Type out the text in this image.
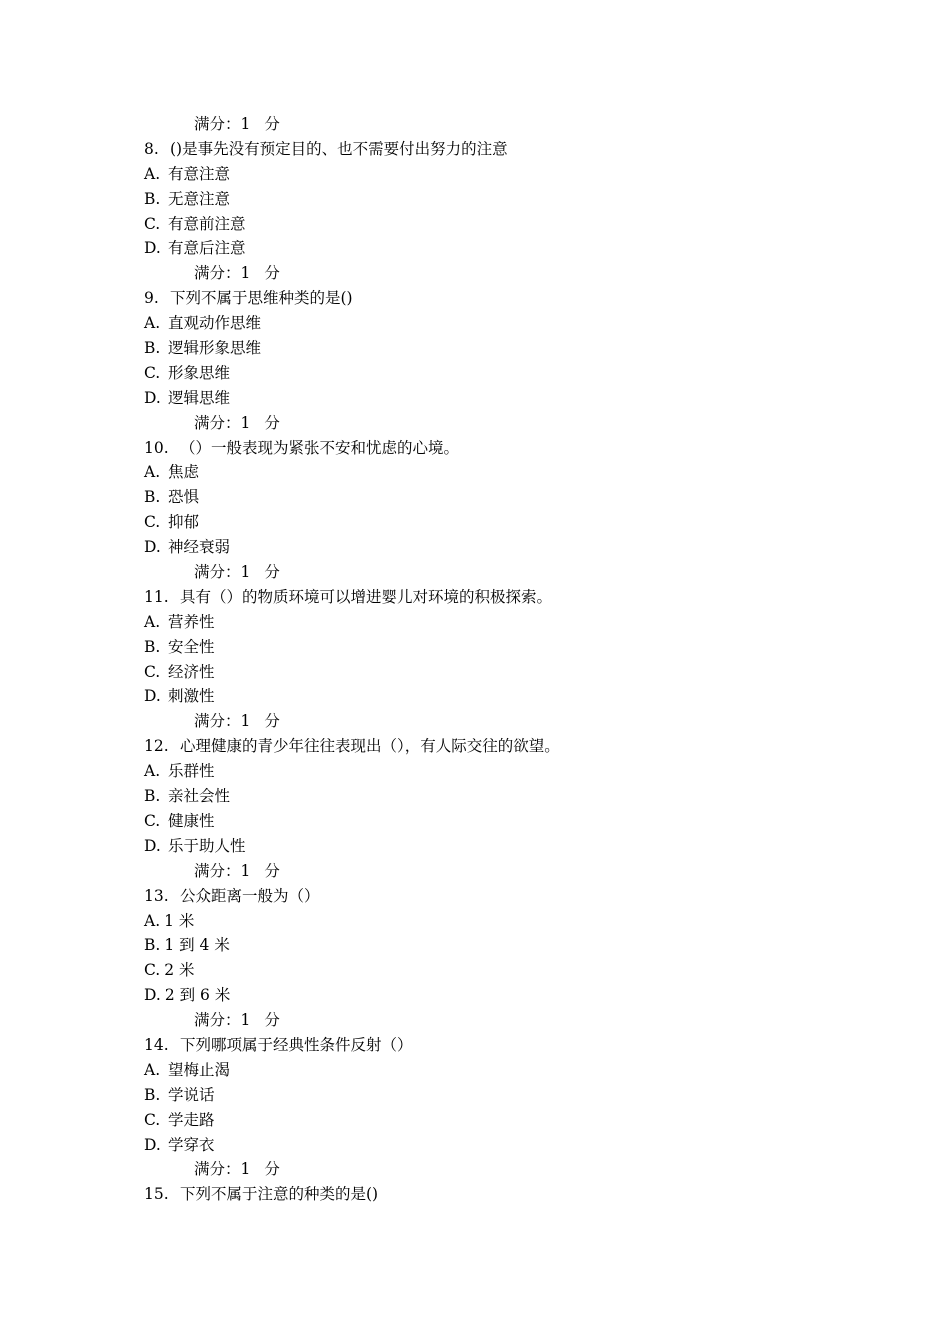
满分：1 分
8. ()是事先没有预定目的、也不需要付出努力的注意
A. 有意注意
B. 无意注意
C. 有意前注意
D. 有意后注意
满分：1 分
9. 下列不属于思维种类的是()
A. 直观动作思维
B. 逻辑形象思维
C. 形象思维
D. 逻辑思维
满分：1 分
10. （）一般表现为紧张不安和忧虑的心境。
A. 焦虑
B. 恐惧
C. 抑郁
D. 神经衰弱
满分：1 分
11. 具有（）的物质环境可以增进婴儿对环境的积极探索。
A. 营养性
B. 安全性
C. 经济性
D. 刺激性
满分：1 分
12. 心理健康的青少年往往表现出（），有人际交往的欲望。
A. 乐群性
B. 亲社会性
C. 健康性
D. 乐于助人性
满分：1 分
13. 公众距离一般为（）
A. 1 米
B. 1 到 4 米
C. 2 米
D. 2 到 6 米
满分：1 分
14. 下列哪项属于经典性条件反射（）
A. 望梅止渴
B. 学说话
C. 学走路
D. 学穿衣
满分：1 分
15. 下列不属于注意的种类的是()
